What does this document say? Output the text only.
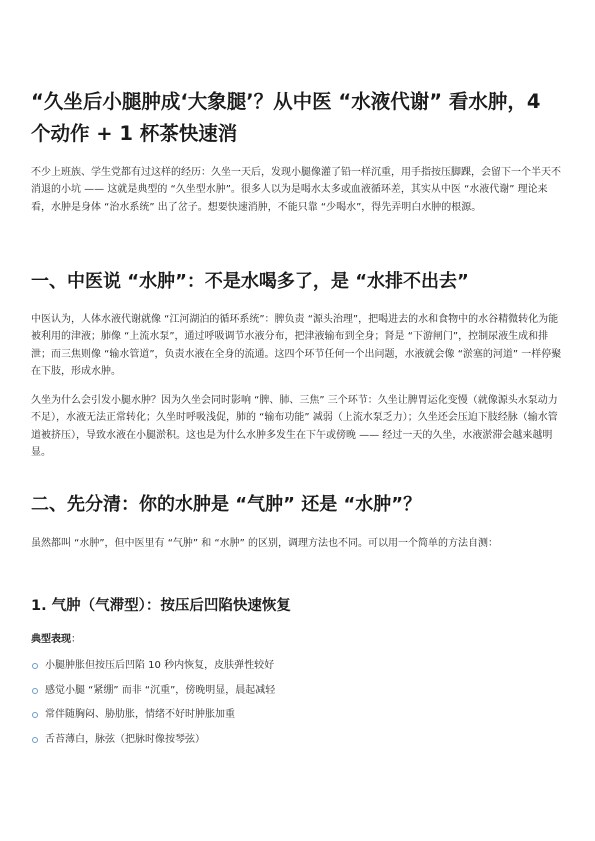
“久坐后小腿肿成‘大象腿’？从中医 “水液代谢” 看水肿，4 个动作 + 1 杯茶快速消

不少上班族、学生党都有过这样的经历：久坐一天后，发现小腿像灌了铅一样沉重，用手指按压脚踝，会留下一个半天不消退的小坑 —— 这就是典型的 “久坐型水肿”。很多人以为是喝水太多或血液循环差，其实从中医 “水液代谢” 理论来看，水肿是身体 “治水系统” 出了岔子。想要快速消肿，不能只靠 “少喝水”，得先弄明白水肿的根源。

一、中医说 “水肿”：不是水喝多了，是 “水排不出去”

中医认为，人体水液代谢就像 “江河湖泊的循环系统”：脾负责 “源头治理”，把喝进去的水和食物中的水谷精微转化为能被利用的津液；肺像 “上流水泵”，通过呼吸调节水液分布，把津液输布到全身；肾是 “下游闸门”，控制尿液生成和排泄；而三焦则像 “输水管道”，负责水液在全身的流通。这四个环节任何一个出问题，水液就会像 “淤塞的河道” 一样停聚在下肢，形成水肿。

久坐为什么会引发小腿水肿？因为久坐会同时影响 “脾、肺、三焦” 三个环节：久坐让脾胃运化变慢（就像源头水泵动力不足），水液无法正常转化；久坐时呼吸浅促，肺的 “输布功能” 减弱（上流水泵乏力）；久坐还会压迫下肢经脉（输水管道被挤压），导致水液在小腿淤积。这也是为什么水肿多发生在下午或傍晚 —— 经过一天的久坐，水液淤滞会越来越明显。

二、先分清：你的水肿是 “气肿” 还是 “水肿”？

虽然都叫 “水肿”，但中医里有 “气肿” 和 “水肿” 的区别，调理方法也不同。可以用一个简单的方法自测：

1. 气肿（气滞型）：按压后凹陷快速恢复

典型表现：

小腿肿胀但按压后凹陷 10 秒内恢复，皮肤弹性较好
感觉小腿 “紧绷” 而非 “沉重”，傍晚明显，晨起减轻
常伴随胸闷、胁肋胀，情绪不好时肿胀加重
舌苔薄白，脉弦（把脉时像按琴弦）
